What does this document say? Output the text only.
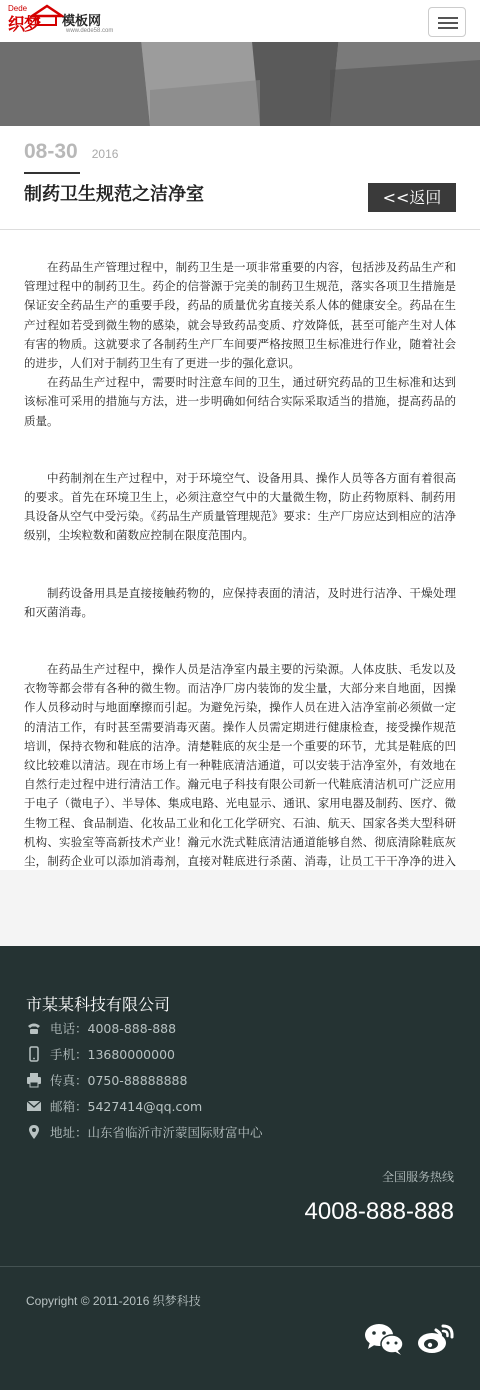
Dede
织梦 模板网
www.dede58.com
08-30 2016
制药卫生规范之洁净室	<<返回

在药品生产管理过程中，制药卫生是一项非常重要的内容，包括涉及药品生产和管理过程中的制药卫生。药企的信誉源于完美的制药卫生规范，落实各项卫生措施是保证安全药品生产的重要手段，药品的质量优劣直接关系人体的健康安全。药品在生产过程如若受到微生物的感染，就会导致药品变质、疗效降低，甚至可能产生对人体有害的物质。这就要求了各制药生产厂车间要严格按照卫生标准进行作业，随着社会的进步，人们对于制药卫生有了更进一步的强化意识。

在药品生产过程中，需要时时注意车间的卫生，通过研究药品的卫生标准和达到该标准可采用的措施与方法，进一步明确如何结合实际采取适当的措施，提高药品的质量。

中药制剂在生产过程中，对于环境空气、设备用具、操作人员等各方面有着很高的要求。首先在环境卫生上，必须注意空气中的大量微生物，防止药物原料、制药用具设备从空气中受污染。《药品生产质量管理规范》要求：生产厂房应达到相应的洁净级别，尘埃粒数和菌数应控制在限度范围内。

制药设备用具是直接接触药物的，应保持表面的清洁，及时进行洁净、干燥处理和灭菌消毒。

在药品生产过程中，操作人员是洁净室内最主要的污染源。人体皮肤、毛发以及衣物等都会带有各种的微生物。而洁净厂房内装饰的发尘量，大部分来自地面，因操作人员移动时与地面摩擦而引起。为避免污染，操作人员在进入洁净室前必须做一定的清洁工作，有时甚至需要消毒灭菌。操作人员需定期进行健康检查，接受操作规范培训，保持衣物和鞋底的洁净。清楚鞋底的灰尘是一个重要的环节，尤其是鞋底的凹纹比较难以清洁。现在市场上有一种鞋底清洁通道，可以安装于洁净室外，有效地在自然行走过程中进行清洁工作。瀚元电子科技有限公司新一代鞋底清洁机可广泛应用于电子（微电子）、半导体、集成电路、光电显示、通讯、家用电器及制药、医疗、微生物工程、食品制造、化妆品工业和化工化学研究、石油、航天、国家各类大型科研机构、实验室等高新技术产业！瀚元水洗式鞋底清洁通道能够自然、彻底清除鞋底灰尘，制药企业可以添加消毒剂，直接对鞋底进行杀菌、消毒，让员工干干净净的进入

市某某科技有限公司
电话：4008-888-888
手机：13680000000
传真：0750-88888888
邮箱：5427414@qq.com
地址：山东省临沂市沂蒙国际财富中心
全国服务热线
4008-888-888
Copyright © 2011-2016 织梦科技
